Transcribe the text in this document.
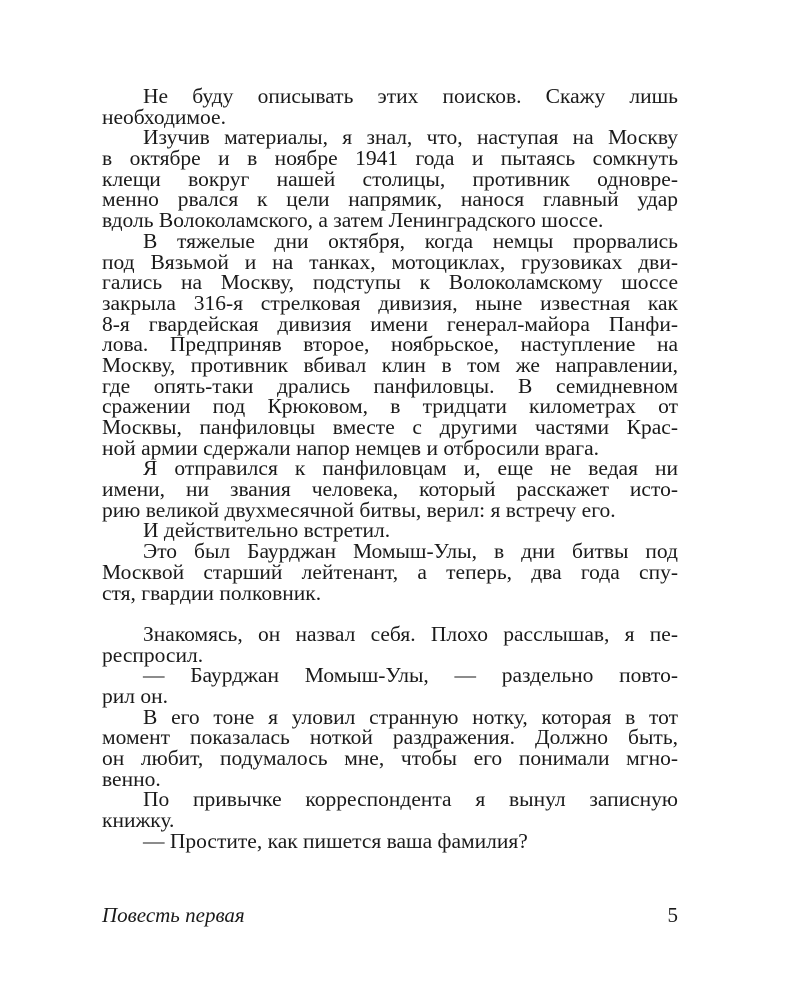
Не буду описывать этих поисков. Скажу лишь
необходимое.
Изучив материалы, я знал, что, наступая на Москву
в октябре и в ноябре 1941 года и пытаясь сомкнуть
клещи вокруг нашей столицы, противник одновре-
менно рвался к цели напрямик, нанося главный удар
вдоль Волоколамского, а затем Ленинградского шоссе.
В тяжелые дни октября, когда немцы прорвались
под Вязьмой и на танках, мотоциклах, грузовиках дви-
гались на Москву, подступы к Волоколамскому шоссе
закрыла 316-я стрелковая дивизия, ныне известная как
8-я гвардейская дивизия имени генерал-майора Панфи-
лова. Предприняв второе, ноябрьское, наступление на
Москву, противник вбивал клин в том же направлении,
где опять-таки дрались панфиловцы. В семидневном
сражении под Крюковом, в тридцати километрах от
Москвы, панфиловцы вместе с другими частями Крас-
ной армии сдержали напор немцев и отбросили врага.
Я отправился к панфиловцам и, еще не ведая ни
имени, ни звания человека, который расскажет исто-
рию великой двухмесячной битвы, верил: я встречу его.
И действительно встретил.
Это был Баурджан Момыш-Улы, в дни битвы под
Москвой старший лейтенант, а теперь, два года спу-
стя, гвардии полковник.
Знакомясь, он назвал себя. Плохо расслышав, я пе-
респросил.
— Баурджан Момыш-Улы, — раздельно повто-
рил он.
В его тоне я уловил странную нотку, которая в тот
момент показалась ноткой раздражения. Должно быть,
он любит, подумалось мне, чтобы его понимали мгно-
венно.
По привычке корреспондента я вынул записную
книжку.
— Простите, как пишется ваша фамилия?
Повесть первая	5
